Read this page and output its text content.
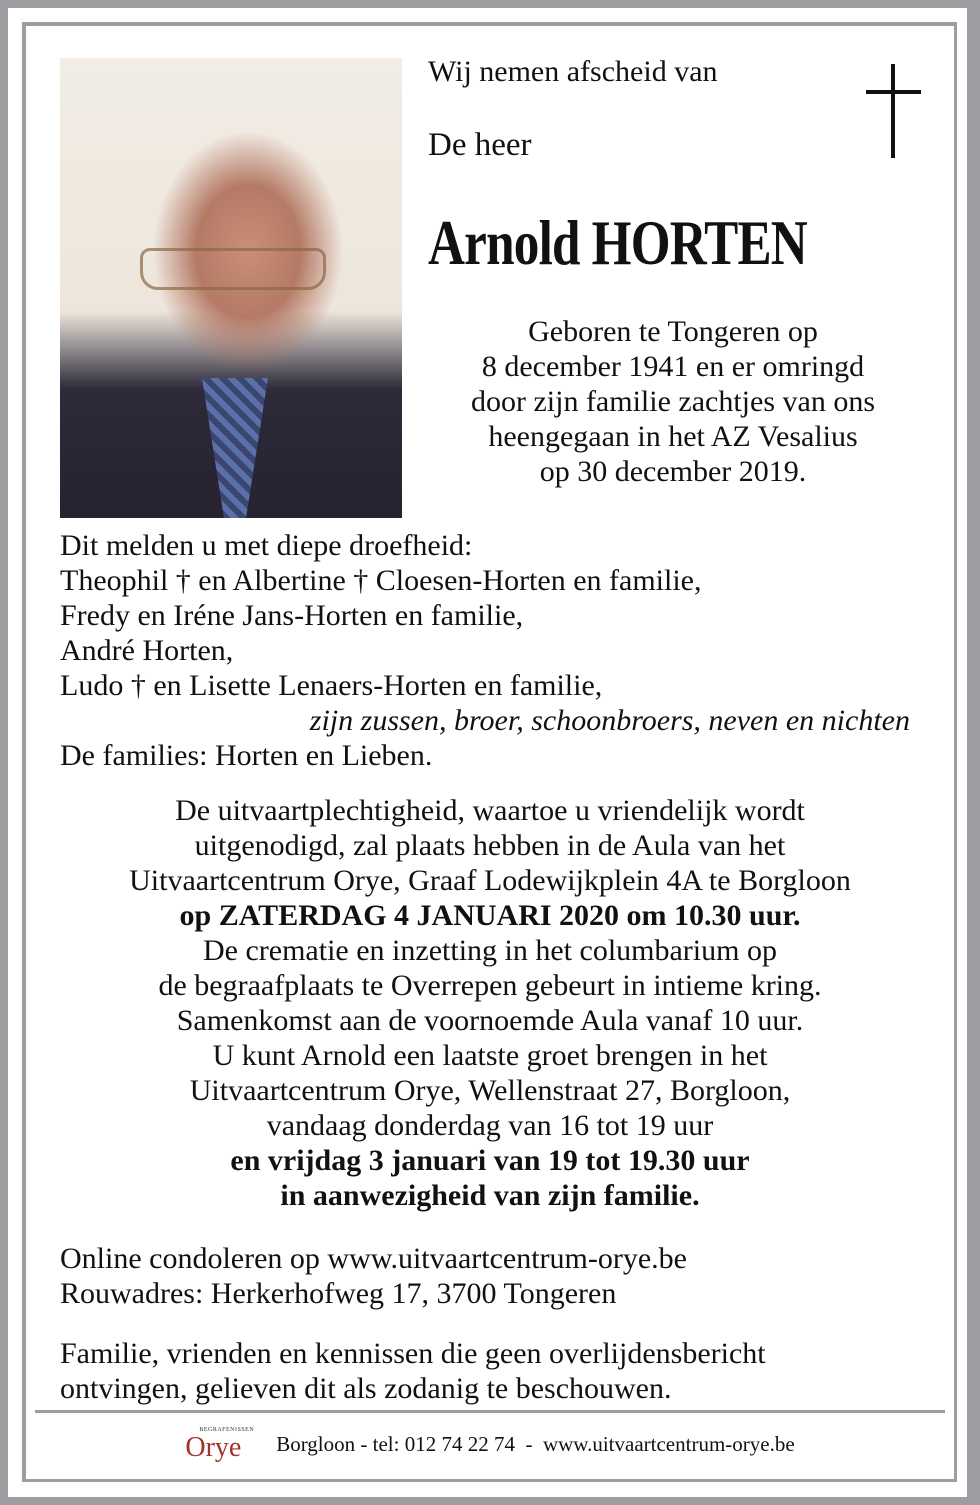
Wij nemen afscheid van
De heer
Arnold HORTEN
Geboren te Tongeren op
8 december 1941 en er omringd
door zijn familie zachtjes van ons
heengegaan in het AZ Vesalius
op 30 december 2019.
Dit melden u met diepe droefheid:
Theophil † en Albertine † Cloesen-Horten en familie,
Fredy en Iréne Jans-Horten en familie,
André Horten,
Ludo † en Lisette Lenaers-Horten en familie,
zijn zussen, broer, schoonbroers, neven en nichten
De families: Horten en Lieben.
De uitvaartplechtigheid, waartoe u vriendelijk wordt
uitgenodigd, zal plaats hebben in de Aula van het
Uitvaartcentrum Orye, Graaf Lodewijkplein 4A te Borgloon
op ZATERDAG 4 JANUARI 2020 om 10.30 uur.
De crematie en inzetting in het columbarium op
de begraafplaats te Overrepen gebeurt in intieme kring.
Samenkomst aan de voornoemde Aula vanaf 10 uur.
U kunt Arnold een laatste groet brengen in het
Uitvaartcentrum Orye, Wellenstraat 27, Borgloon,
vandaag donderdag van 16 tot 19 uur
en vrijdag 3 januari van 19 tot 19.30 uur
in aanwezigheid van zijn familie.
Online condoleren op www.uitvaartcentrum-orye.be
Rouwadres: Herkerhofweg 17, 3700 Tongeren
Familie, vrienden en kennissen die geen overlijdensbericht
ontvingen, gelieven dit als zodanig te beschouwen.
BEGRAFENISSEN
Orye Borgloon - tel: 012 74 22 74  -  www.uitvaartcentrum-orye.be
